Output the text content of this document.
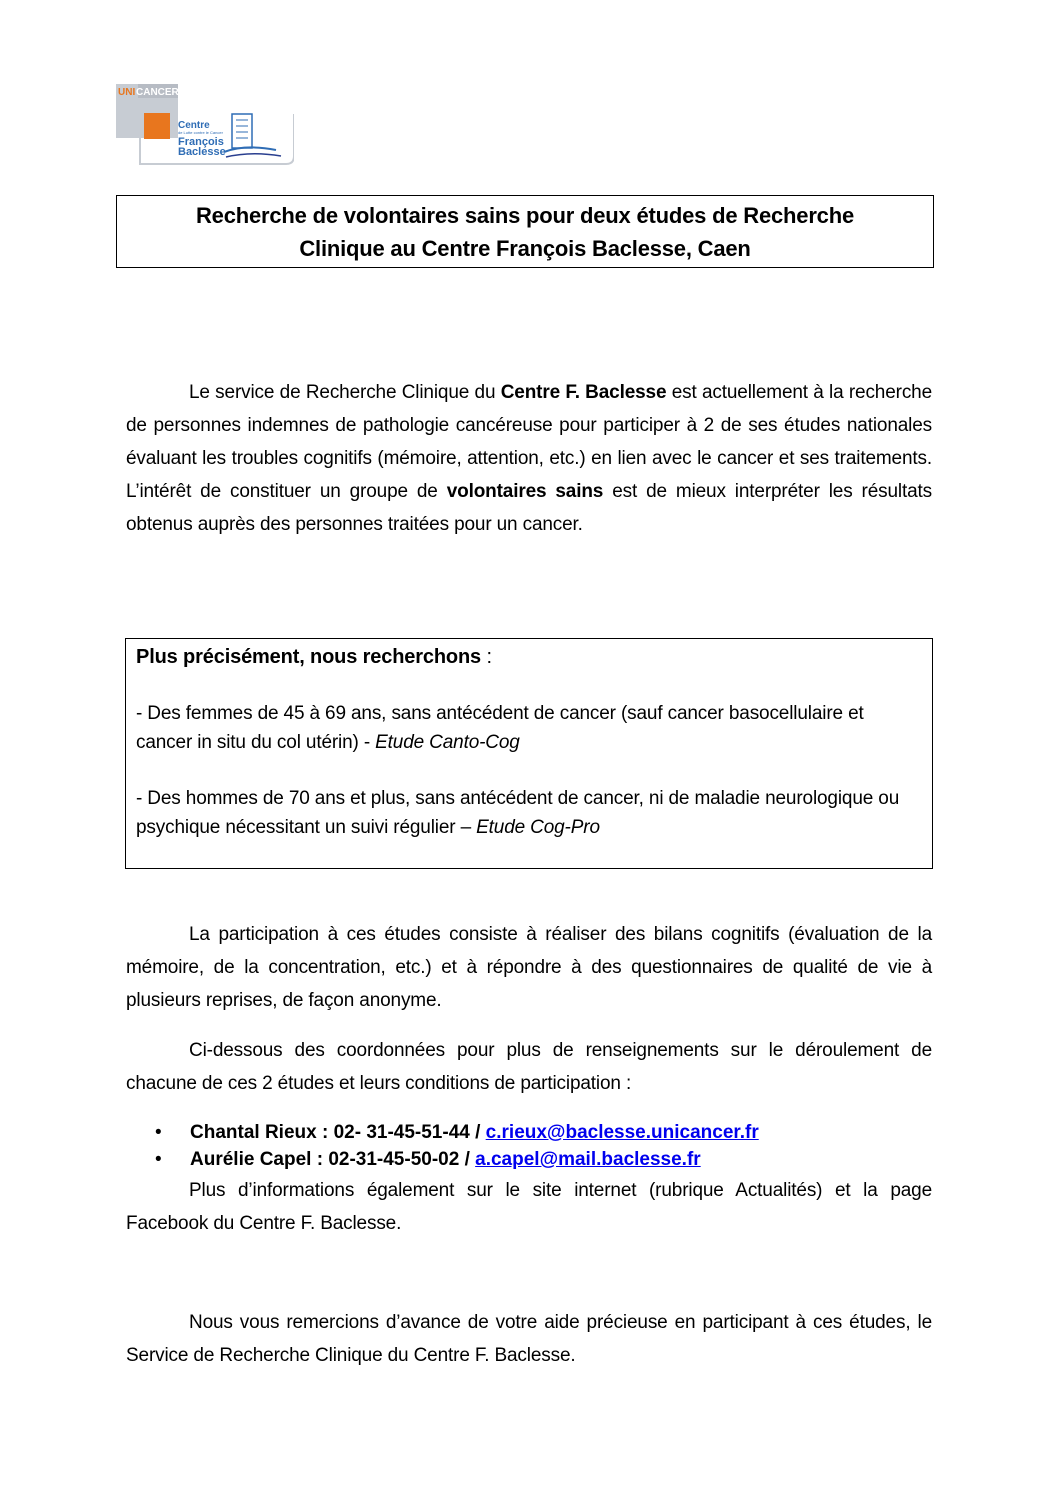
UNI CANCER
Centre
de Lutte contre le Cancer
François
Baclesse
Recherche de volontaires sains pour deux études de Recherche
Clinique au Centre François Baclesse, Caen
Le service de Recherche Clinique du Centre F. Baclesse est actuellement à la recherche de personnes indemnes de pathologie cancéreuse pour participer à 2 de ses études nationales évaluant les troubles cognitifs (mémoire, attention, etc.) en lien avec le cancer et ses traitements. L’intérêt de constituer un groupe de volontaires sains est de mieux interpréter les résultats obtenus auprès des personnes traitées pour un cancer.

Plus précisément, nous recherchons :

- Des femmes de 45 à 69 ans, sans antécédent de cancer (sauf cancer basocellulaire et cancer in situ du col utérin) - Etude Canto-Cog

- Des hommes de 70 ans et plus, sans antécédent de cancer, ni de maladie neurologique ou psychique nécessitant un suivi régulier – Etude Cog-Pro

La participation à ces études consiste à réaliser des bilans cognitifs (évaluation de la mémoire, de la concentration, etc.) et à répondre à des questionnaires de qualité de vie à plusieurs reprises, de façon anonyme.
Ci-dessous des coordonnées pour plus de renseignements sur le déroulement de chacune de ces 2 études et leurs conditions de participation :
• Chantal Rieux : 02- 31-45-51-44 / c.rieux@baclesse.unicancer.fr
• Aurélie Capel : 02-31-45-50-02 / a.capel@mail.baclesse.fr
Plus d’informations également sur le site internet (rubrique Actualités) et la page Facebook du Centre F. Baclesse.
Nous vous remercions d’avance de votre aide précieuse en participant à ces études, le Service de Recherche Clinique du Centre F. Baclesse.
